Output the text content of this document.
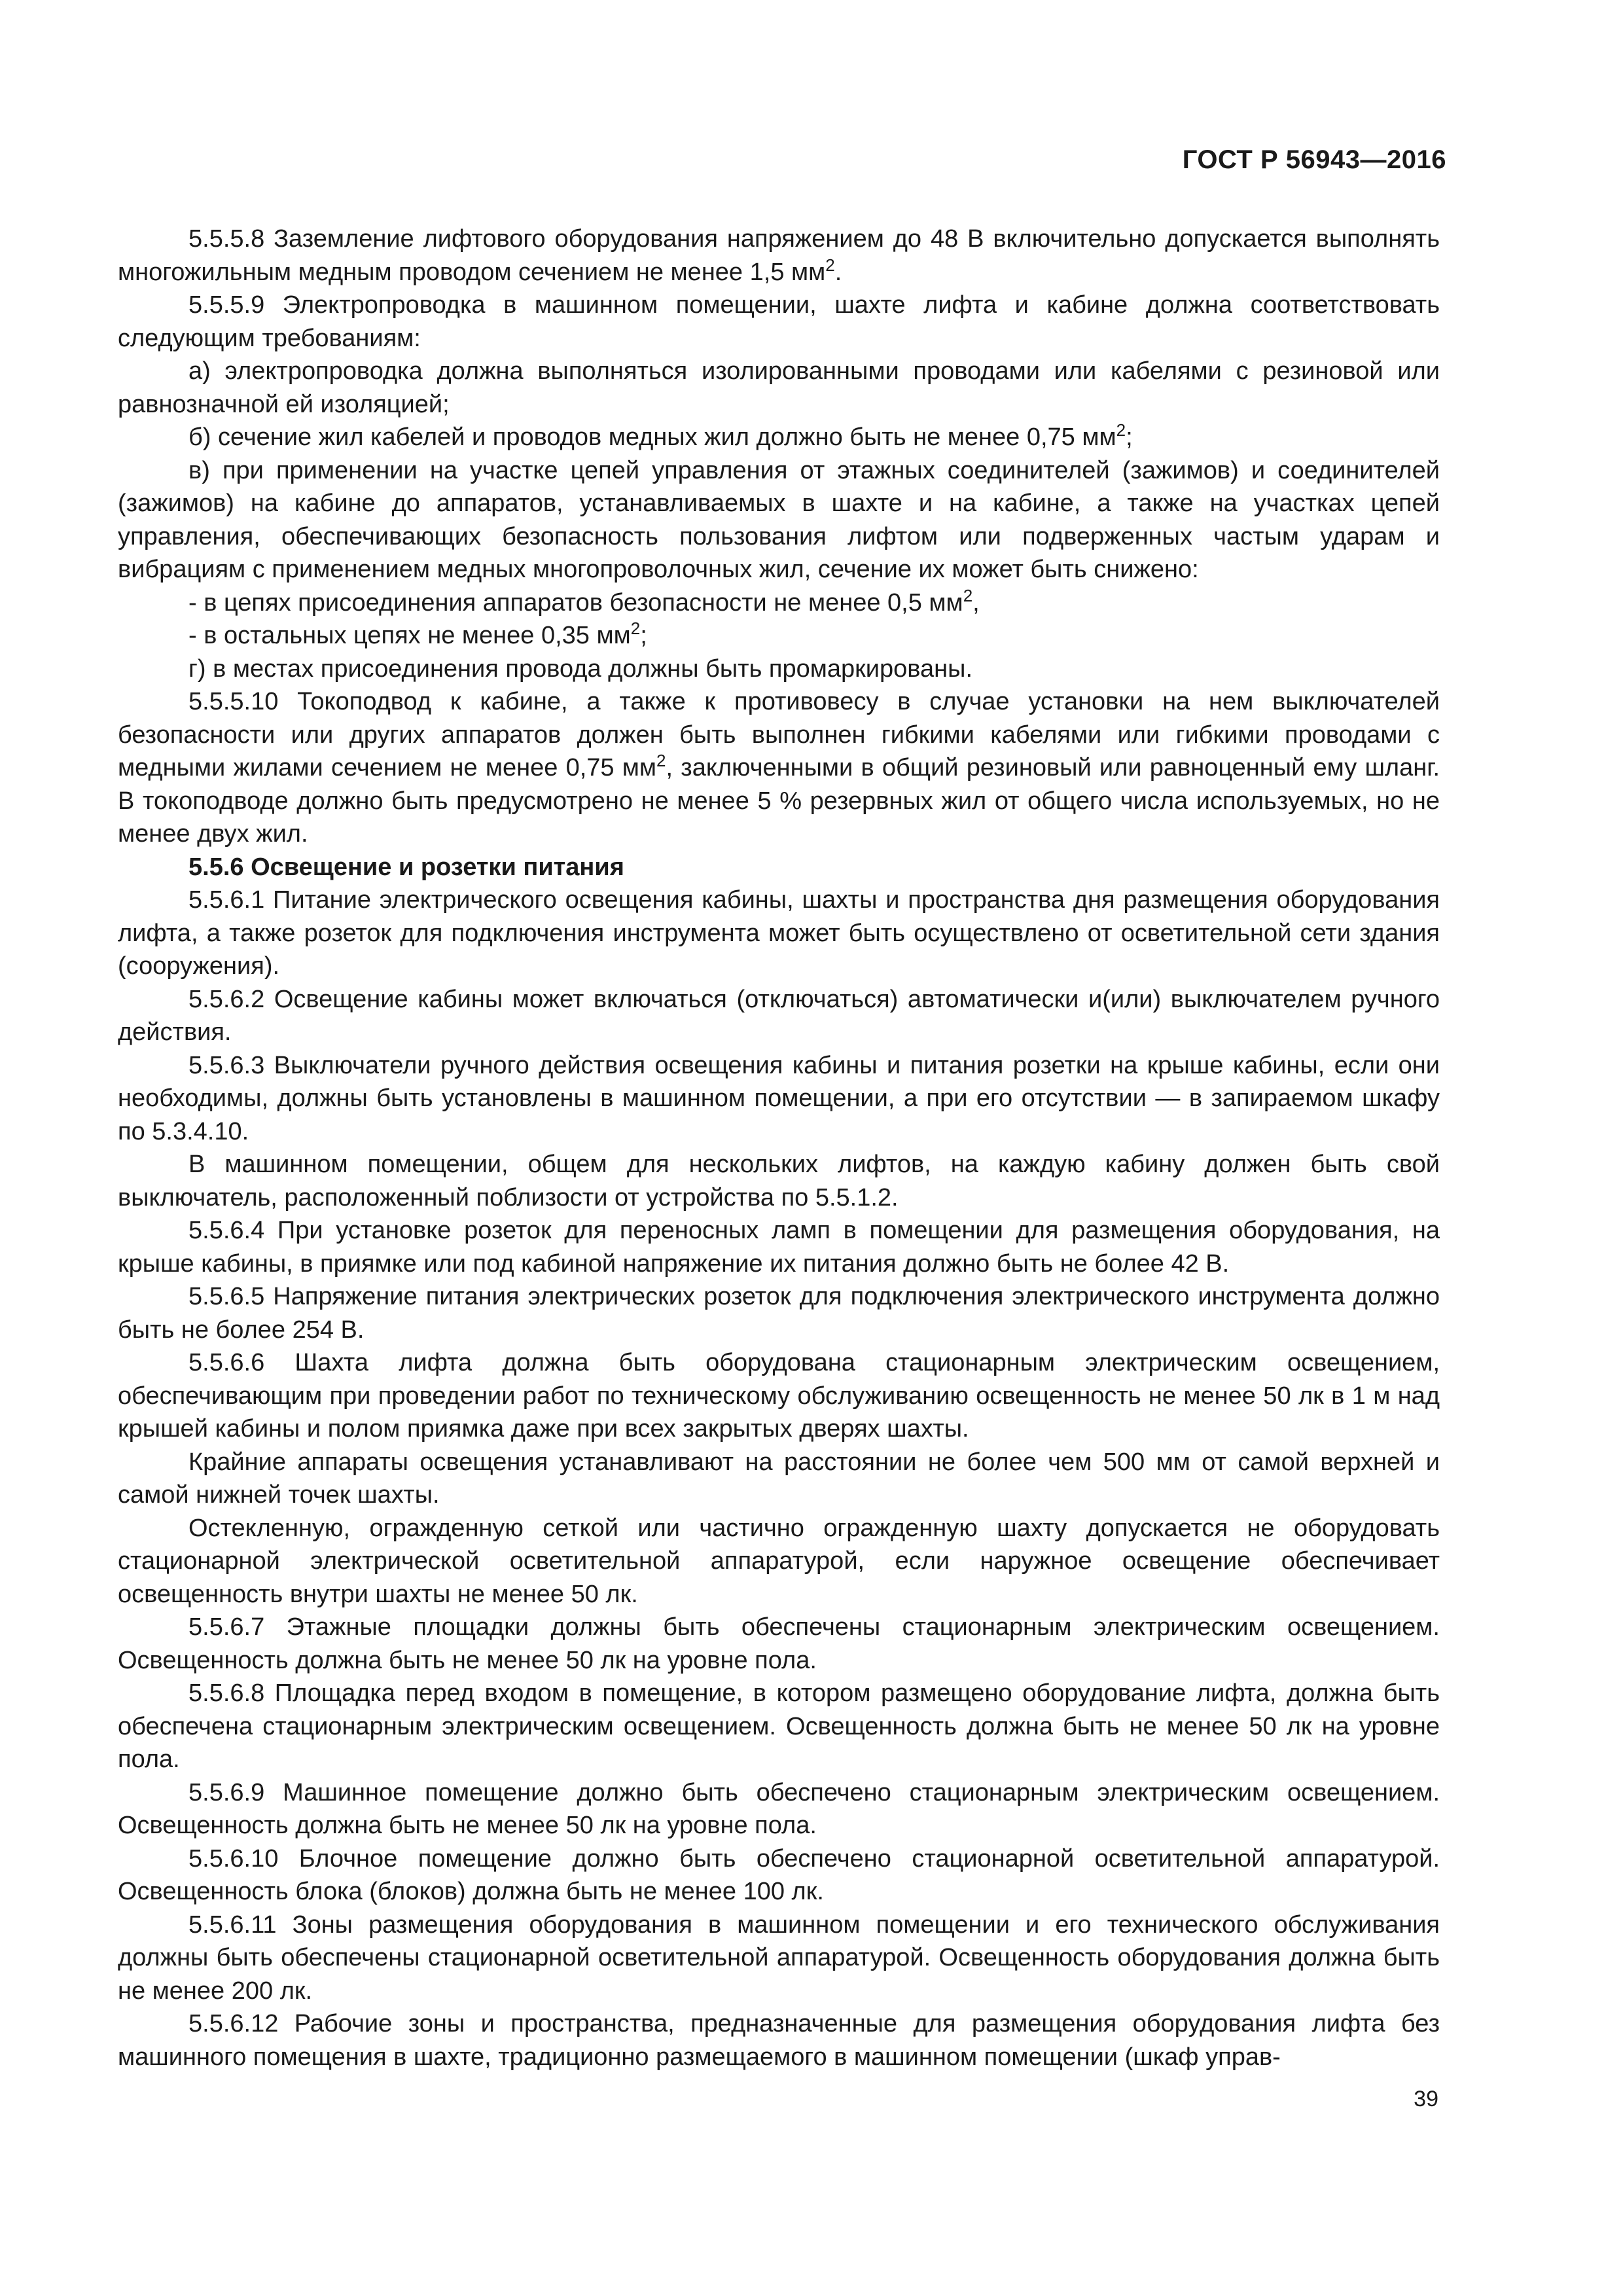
ГОСТ Р 56943—2016

5.5.5.8 Заземление лифтового оборудования напряжением до 48 В включительно допускается выполнять многожильным медным проводом сечением не менее 1,5 $мм^2$.

5.5.5.9 Электропроводка в машинном помещении, шахте лифта и кабине должна соответствовать следующим требованиям:

а) электропроводка должна выполняться изолированными проводами или кабелями с резиновой или равнозначной ей изоляцией;

б) сечение жил кабелей и проводов медных жил должно быть не менее 0,75 $мм^2$;

в) при применении на участке цепей управления от этажных соединителей (зажимов) и соединителей (зажимов) на кабине до аппаратов, устанавливаемых в шахте и на кабине, а также на участках цепей управления, обеспечивающих безопасность пользования лифтом или подверженных частым ударам и вибрациям с применением медных многопроволочных жил, сечение их может быть снижено:

- в цепях присоединения аппаратов безопасности не менее 0,5 $мм^2$,

- в остальных цепях не менее 0,35 $мм^2$;

г) в местах присоединения провода должны быть промаркированы.

5.5.5.10 Токоподвод к кабине, а также к противовесу в случае установки на нем выключателей безопасности или других аппаратов должен быть выполнен гибкими кабелями или гибкими проводами с медными жилами сечением не менее 0,75 $мм^2$, заключенными в общий резиновый или равноценный ему шланг. В токоподводе должно быть предусмотрено не менее 5 % резервных жил от общего числа используемых, но не менее двух жил.

5.5.6 Освещение и розетки питания

5.5.6.1 Питание электрического освещения кабины, шахты и пространства дня размещения оборудования лифта, а также розеток для подключения инструмента может быть осуществлено от осветительной сети здания (сооружения).

5.5.6.2 Освещение кабины может включаться (отключаться) автоматически и(или) выключателем ручного действия.

5.5.6.3 Выключатели ручного действия освещения кабины и питания розетки на крыше кабины, если они необходимы, должны быть установлены в машинном помещении, а при его отсутствии — в запираемом шкафу по 5.3.4.10.

В машинном помещении, общем для нескольких лифтов, на каждую кабину должен быть свой выключатель, расположенный поблизости от устройства по 5.5.1.2.

5.5.6.4 При установке розеток для переносных ламп в помещении для размещения оборудования, на крыше кабины, в приямке или под кабиной напряжение их питания должно быть не более 42 В.

5.5.6.5 Напряжение питания электрических розеток для подключения электрического инструмента должно быть не более 254 В.

5.5.6.6 Шахта лифта должна быть оборудована стационарным электрическим освещением, обеспечивающим при проведении работ по техническому обслуживанию освещенность не менее 50 лк в 1 м над крышей кабины и полом приямка даже при всех закрытых дверях шахты.

Крайние аппараты освещения устанавливают на расстоянии не более чем 500 мм от самой верхней и самой нижней точек шахты.

Остекленную, огражденную сеткой или частично огражденную шахту допускается не оборудовать стационарной электрической осветительной аппаратурой, если наружное освещение обеспечивает освещенность внутри шахты не менее 50 лк.

5.5.6.7 Этажные площадки должны быть обеспечены стационарным электрическим освещением. Освещенность должна быть не менее 50 лк на уровне пола.

5.5.6.8 Площадка перед входом в помещение, в котором размещено оборудование лифта, должна быть обеспечена стационарным электрическим освещением. Освещенность должна быть не менее 50 лк на уровне пола.

5.5.6.9 Машинное помещение должно быть обеспечено стационарным электрическим освещением. Освещенность должна быть не менее 50 лк на уровне пола.

5.5.6.10 Блочное помещение должно быть обеспечено стационарной осветительной аппаратурой. Освещенность блока (блоков) должна быть не менее 100 лк.

5.5.6.11 Зоны размещения оборудования в машинном помещении и его технического обслуживания должны быть обеспечены стационарной осветительной аппаратурой. Освещенность оборудования должна быть не менее 200 лк.

5.5.6.12 Рабочие зоны и пространства, предназначенные для размещения оборудования лифта без машинного помещения в шахте, традиционно размещаемого в машинном помещении (шкаф управ-

39
